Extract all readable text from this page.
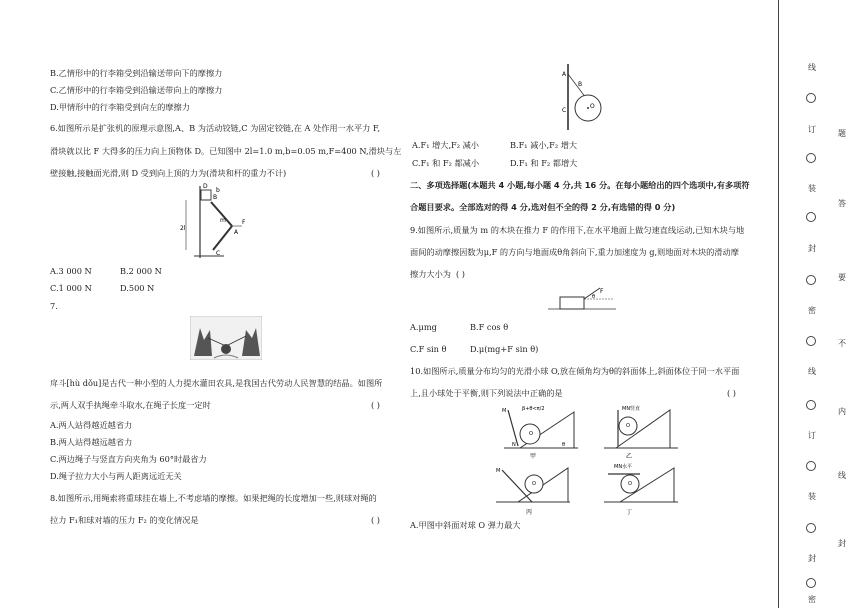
B.乙情形中的行李箱受到沿输送带向下的摩擦力
C.乙情形中的行李箱受到沿输送带向上的摩擦力
D.甲情形中的行李箱受到向左的摩擦力
6.如图所示是扩张机的原理示意图,A、B 为活动铰链,C 为固定铰链,在 A 处作用一水平力 F,
滑块就以比 F 大得多的压力向上顶物体 D。已知图中 2l=1.0 m,b=0.05 m,F=400 N,滑块与左
壁接触,接触面光滑,则 D 受到向上顶的力为(滑块和杆的重力不计)	( )
D
B
b
2l
m
A
F
C
A.3 000 N	B.2 000 N
C.1 000 N	D.500 N
7.
戽斗[hù dǒu]是古代一种小型的人力提水灌田农具,是我国古代劳动人民智慧的结晶。如图所
示,两人双手执绳牵斗取水,在绳子长度一定时	( )
A.两人站得越近越省力
B.两人站得越远越省力
C.两边绳子与竖直方向夹角为 60°时最省力
D.绳子拉力大小与两人距离远近无关
8.如图所示,用绳索将重球挂在墙上,不考虑墙的摩擦。如果把绳的长度增加一些,则球对绳的
拉力 F₁和球对墙的压力 F₂ 的变化情况是	( )
A
B
C
O
A.F₁ 增大,F₂ 减小	B.F₁ 减小,F₂ 增大
C.F₁ 和 F₂ 都减小	D.F₁ 和 F₂ 都增大
二、多项选择题(本题共 4 小题,每小题 4 分,共 16 分。在每小题给出的四个选项中,有多项符
合题目要求。全部选对的得 4 分,选对但不全的得 2 分,有选错的得 0 分)
9.如图所示,质量为 m 的木块在推力 F 的作用下,在水平地面上做匀速直线运动,已知木块与地
面间的动摩擦因数为μ,F 的方向与地面成θ角斜向下,重力加速度为 g,则地面对木块的滑动摩
擦力大小为 ( )
F
θ
A.μmg	B.F cos θ
C.F sin θ	D.μ(mg+F sin θ)
10.如图所示,质量分布均匀的光滑小球 O,放在倾角均为θ的斜面体上,斜面体位于同一水平面
上,且小球处于平衡,则下列说法中正确的是	( )
β+θ<π/2
M
N
O
θ
甲
MN竖直
O
乙
M
O
丙
MN水平
O
丁
A.甲图中斜面对球 O 弹力最大
线
订
装
封
密
线
订
装
封
密
题
答
要
不
内
线
封
